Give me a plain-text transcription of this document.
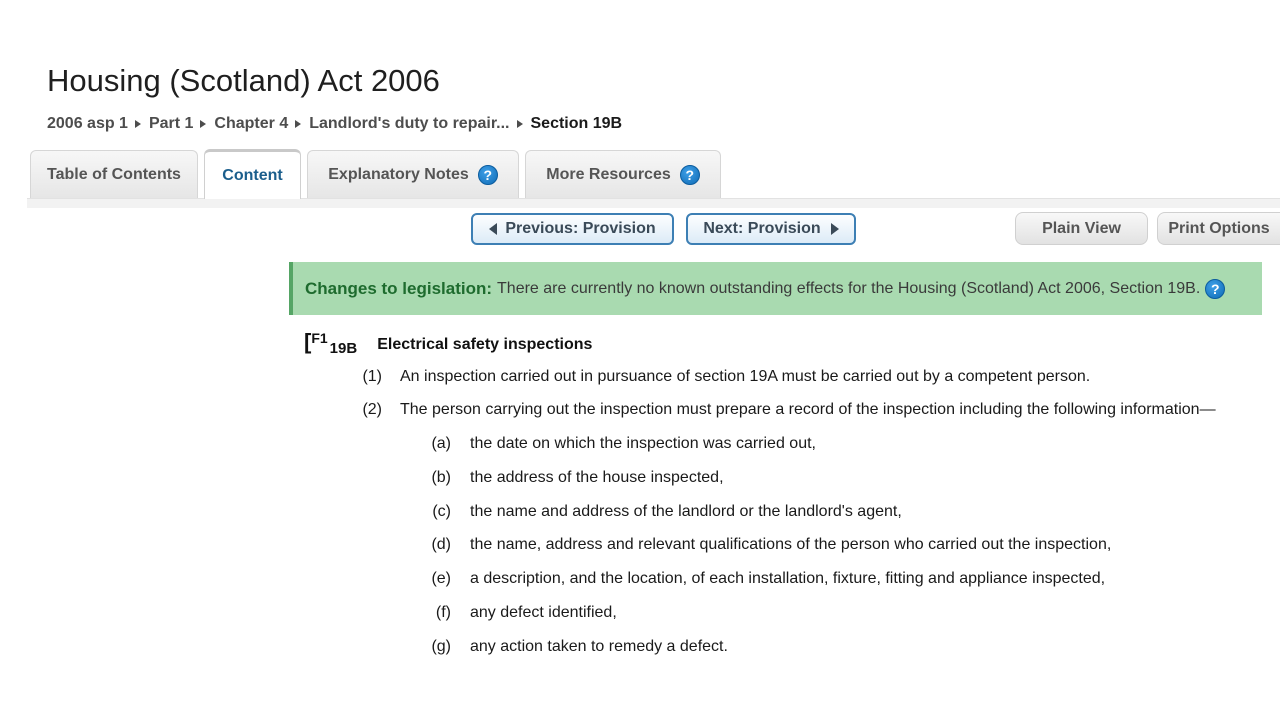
Housing (Scotland) Act 2006
2006 asp 1 Part 1 Chapter 4 Landlord's duty to repair... Section 19B
Table of Contents	Content	Explanatory Notes	?	More Resources	?
Previous: Provision	Next: Provision	Plain View	Print Options
Changes to legislation: There are currently no known outstanding effects for the Housing (Scotland) Act 2006, Section 19B. ?
[ F1
19B Electrical safety inspections
(1) An inspection carried out in pursuance of section 19A must be carried out by a competent person.
(2) The person carrying out the inspection must prepare a record of the inspection including the following information—
(a) the date on which the inspection was carried out,
(b) the address of the house inspected,
(c) the name and address of the landlord or the landlord's agent,
(d) the name, address and relevant qualifications of the person who carried out the inspection,
(e) a description, and the location, of each installation, fixture, fitting and appliance inspected,
(f) any defect identified,
(g) any action taken to remedy a defect.
